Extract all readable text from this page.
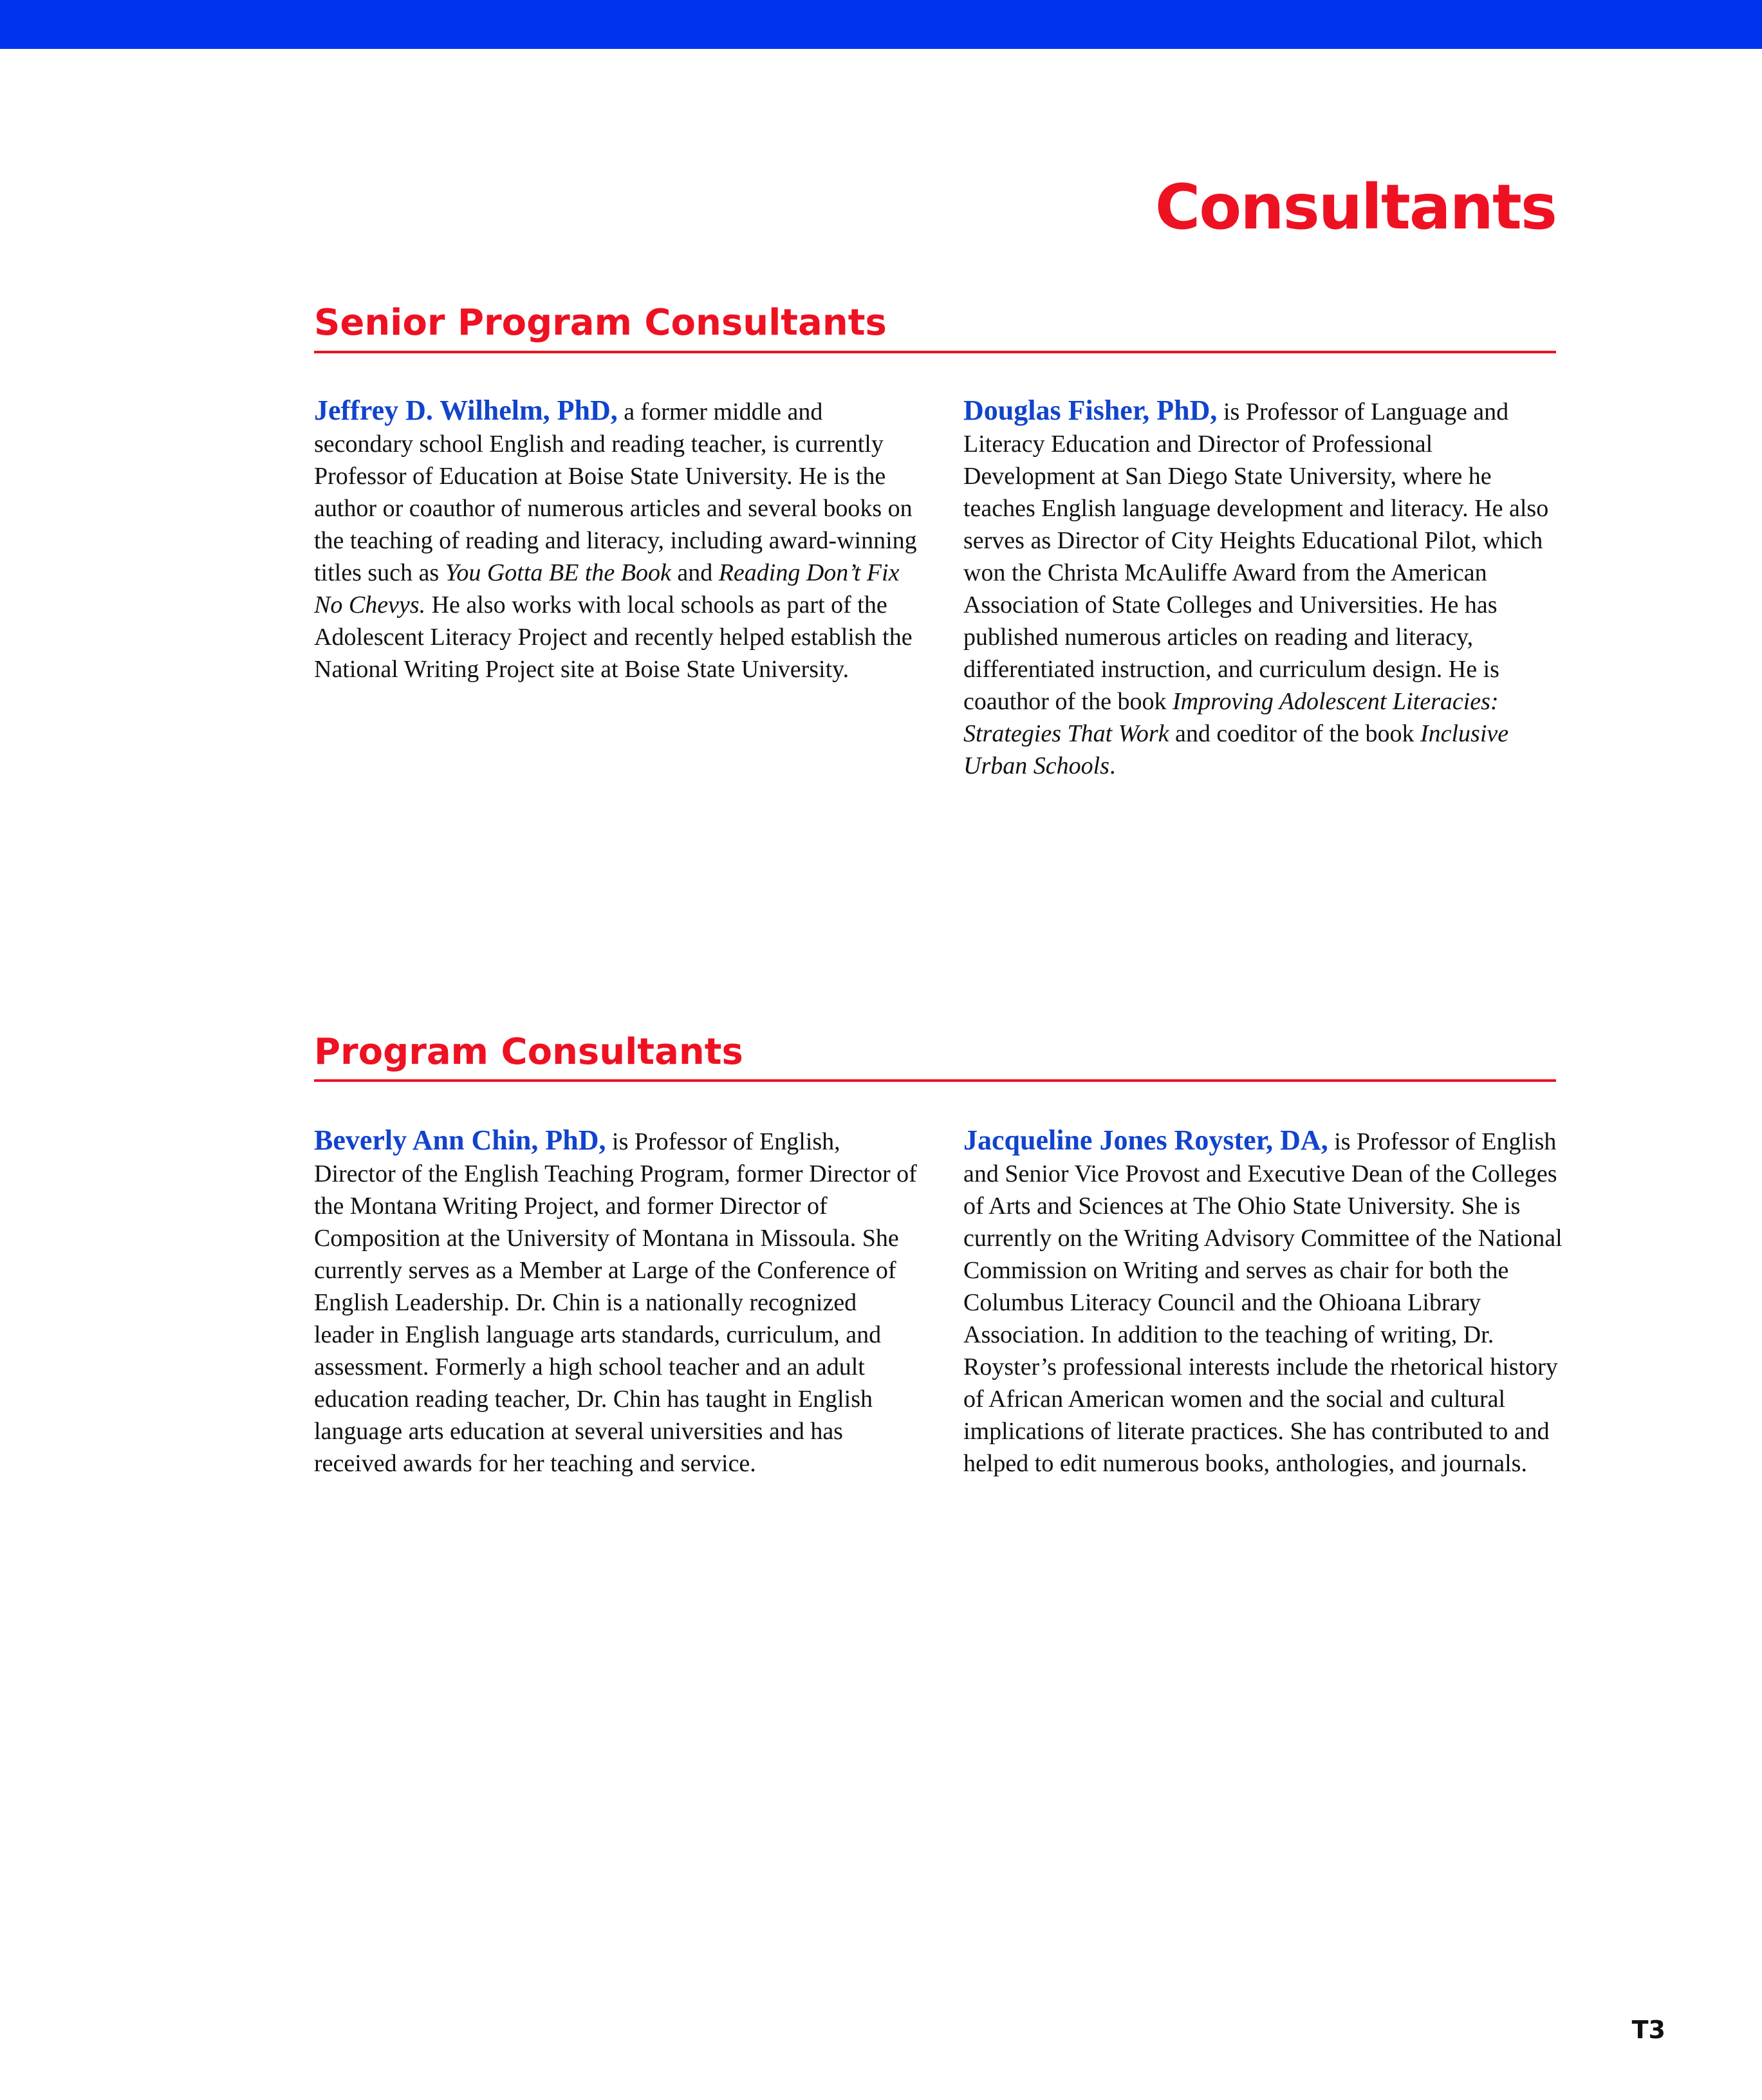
Consultants
Senior Program Consultants

Jeffrey D. Wilhelm, PhD, a former middle and secondary school English and reading teacher, is currently Professor of Education at Boise State University. He is the author or coauthor of numerous articles and several books on the teaching of reading and literacy, including award-winning titles such as You Gotta BE the Book and Reading Don’t Fix No Chevys. He also works with local schools as part of the Adolescent Literacy Project and recently helped establish the National Writing Project site at Boise State University.

Douglas Fisher, PhD, is Professor of Language and Literacy Education and Director of Professional Development at San Diego State University, where he teaches English language development and literacy. He also serves as Director of City Heights Educational Pilot, which won the Christa McAuliffe Award from the American Association of State Colleges and Universities. He has published numerous articles on reading and literacy, differentiated instruction, and curriculum design. He is coauthor of the book Improving Adolescent Literacies: Strategies That Work and coeditor of the book Inclusive Urban Schools.

Program Consultants

Beverly Ann Chin, PhD, is Professor of English, Director of the English Teaching Program, former Director of the Montana Writing Project, and former Director of Composition at the University of Montana in Missoula. She currently serves as a Member at Large of the Conference of English Leadership. Dr. Chin is a nationally recognized leader in English language arts standards, curriculum, and assessment. Formerly a high school teacher and an adult education reading teacher, Dr. Chin has taught in English language arts education at several universities and has received awards for her teaching and service.

Jacqueline Jones Royster, DA, is Professor of English and Senior Vice Provost and Executive Dean of the Colleges of Arts and Sciences at The Ohio State University. She is currently on the Writing Advisory Committee of the National Commission on Writing and serves as chair for both the Columbus Literacy Council and the Ohioana Library Association. In addition to the teaching of writing, Dr. Royster’s professional interests include the rhetorical history of African American women and the social and cultural implications of literate practices. She has contributed to and helped to edit numerous books, anthologies, and journals.

T3
